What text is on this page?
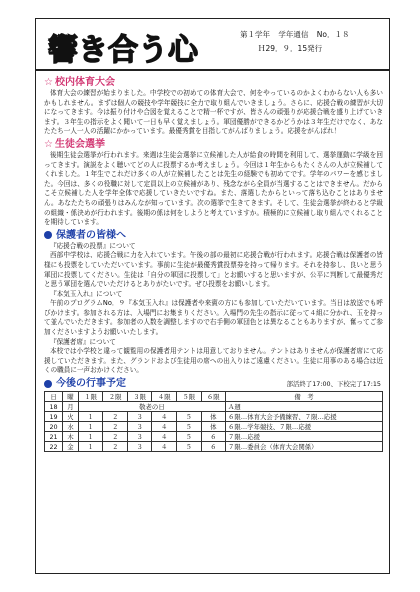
響き合う心	第１学年 学年通信 No．１８
Ｈ29．９．15発行
☆ 校内体育大会

体育大会の練習が始まりました。中学校での初めての体育大会で、何をやっているのかよくわからない人も多いかもしれません。まずは個人の競技や学年競技に全力で取り組んでいきましょう。さらに、応援合戦の練習が大切になってきます。今は振り付けや合図を覚えることで精一杯ですが、皆さんの頑張りが応援合戦を盛り上げていきます。３年生の指示をよく聞いて一日も早く覚えましょう。軍団優勝ができるかどうかは３年生だけでなく、あなたたち一人一人の活躍にかかっています。最優秀賞を目指してがんばりましょう。応援をがんばれ！

☆ 生徒会選挙

後期生徒会選挙が行われます。来週は生徒会選挙に立候補した人が給食の時間を利用して、選挙運動に学級を回ってきます。演説をよく聴いてどの人に投票するか考えましょう。今回は１年生からもたくさんの人が立候補してくれました。１年生でこれだけ多くの人が立候補したことは先生の経験でも初めてです。学年のパワーを感じました。今回は、多くの役職に対して定員以上の立候補があり、残念ながら全員が当選することはできません。だからこそ立候補した人を学年全体で応援していきたいですね。また、落選したからといって落ち込むことはありません。あなたたちの頑張りはみんなが知っています。次の選挙で生きてきます。そして、生徒会選挙が終わると学級の組織・係決めが行われます。後期の係は何をしようと考えていますか。積極的に立候補し取り組んでくれることを期待しています。

保護者の皆様へ

『応援合戦の投票』について

西部中学校は、応援合戦に力を入れています。午後の部の最初に応援合戦が行われます。応援合戦は保護者の皆様にも投票をしていただいています。事前に生徒が最優秀賞投票券を持って帰ります。それを持参し、良いと思う軍団に投票してください。生徒は「自分の軍団に投票して」とお願いすると思いますが、公平に判断して最優秀だと思う軍団を選んでいただけるとありがたいです。ぜひ投票をお願いします。

『本気玉入れ』について

午前のプログラムNo．９『本気玉入れ』は保護者や来賓の方にも参加していただいています。当日は放送でも呼びかけます。参加される方は、入場門にお集まりください。入場門の先生の指示に従って４組に分かれ、玉を持って並んでいただきます。参加者の人数を調整しますので右手側の軍団色とは異なることもありますが、奮ってご参加くださいますようお願いいたします。

『保護者席』について

本校では小学校と違って観覧用の保護者用テントは用意しておりません。テントはありませんが保護者席にて応援していただきます。また、グランドおよび生徒用の席への出入りはご遠慮ください。生徒に用事のある場合は近くの職員に一声おかけください。

今後の行事予定	部活終了17:00、下校完了17:15
日	曜	１限	２限	３限	４限	５限	６限	備　考
18	月	敬老の日						Ａ週
19	火	１	２	３	４	５	体	６限…体育大会予備練習、７限…応援
20	水	１	２	３	４	５	体	６限…学年競技、７限…応援
21	木	１	２	３	４	５	６	７限…応援
22	金	１	２	３	４	５	６	７限…委員会（体育大会関係）
